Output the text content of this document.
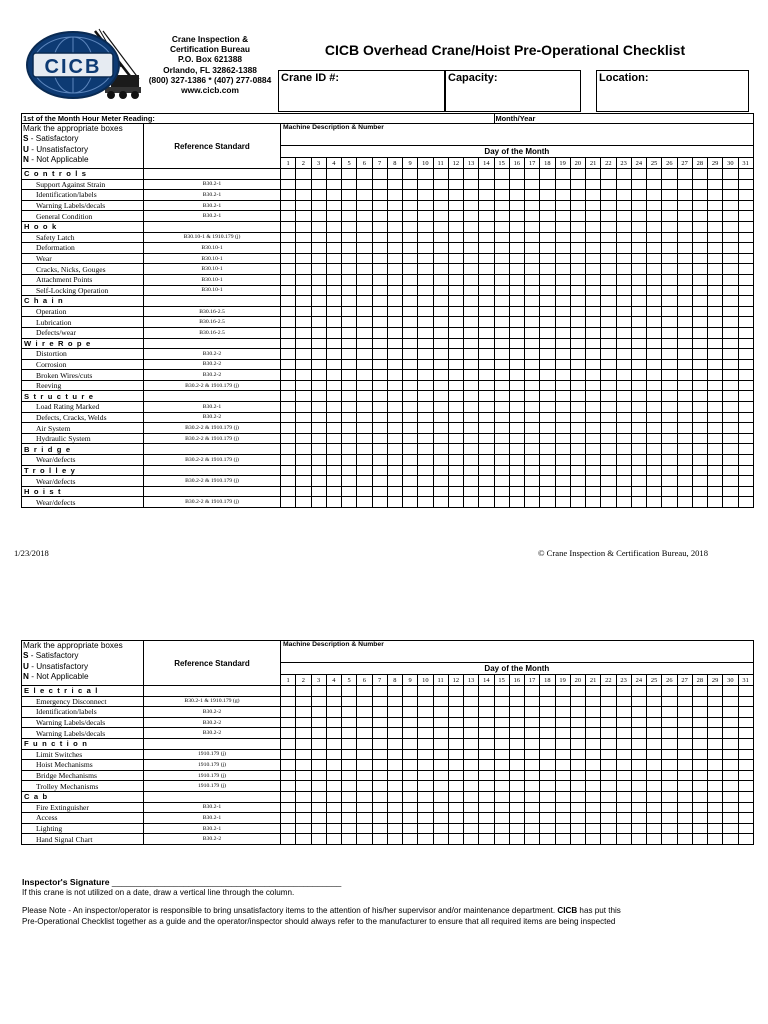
CICB
Crane Inspection &
Certification Bureau
P.O. Box 621388
Orlando, FL 32862-1388
(800) 327-1386 * (407) 277-0884
www.cicb.com
CICB Overhead Crane/Hoist Pre-Operational Checklist
Crane ID #:	Capacity:	Location:
1st of the Month Hour Meter Reading:																Month/Year																

Mark the appropriate boxes
S - Satisfactory
U - Unsatisfactory
N - Not Applicable	Reference Standard	Machine Description & Number																														
		Day of the Month																														
		1	2	3	4	5	6	7	8	9	10	11	12	13	14	15	16	17	18	19	20	21	22	23	24	25	26	27	28	29	30	31
Controls																																
Support Against Strain	B30.2-1																															
Identification/labels	B30.2-1																															
Warning Labels/decals	B30.2-1																															
General Condition	B30.2-1																															
Hook																																
Safety Latch	B30.10-1 & 1910.179 (j)																															
Deformation	B30.10-1																															
Wear	B30.10-1																															
Cracks, Nicks, Gouges	B30.10-1																															
Attachment Points	B30.10-1																															
Self-Locking Operation	B30.10-1																															
Chain																																
Operation	B30.16-2.5																															
Lubrication	B30.16-2.5																															
Defects/wear	B30.16-2.5																															
WireRope																																
Distortion	B30.2-2																															
Corrosion	B30.2-2																															
Broken Wires/cuts	B30.2-2																															
Reeving	B30.2-2 & 1910.179 (j)																															
Structure																																
Load Rating Marked	B30.2-1																															
Defects, Cracks, Welds	B30.2-2																															
Air System	B30.2-2 & 1910.179 (j)																															
Hydraulic System	B30.2-2 & 1910.179 (j)																															
Bridge																																
Wear/defects	B30.2-2 & 1910.179 (j)																															
Trolley																																
Wear/defects	B30.2-2 & 1910.179 (j)																															
Hoist																																
Wear/defects	B30.2-2 & 1910.179 (j)																															
1/23/2018	© Crane Inspection & Certification Bureau, 2018
Mark the appropriate boxes
S - Satisfactory
U - Unsatisfactory
N - Not Applicable	Reference Standard	Machine Description & Number																														
		Day of the Month																														
		1	2	3	4	5	6	7	8	9	10	11	12	13	14	15	16	17	18	19	20	21	22	23	24	25	26	27	28	29	30	31
Electrical																																
Emergency Disconnect	B30.2-1 & 1910.179 (g)																															
Identification/labels	B30.2-2																															
Warning Labels/decals	B30.2-2																															
Warning Labels/decals	B30.2-2																															
Function																																
Limit Switches	1910.179 (j)																															
Hoist Mechanisms	1910.179 (j)																															
Bridge Mechanisms	1910.179 (j)																															
Trolley Mechanisms	1910.179 (j)																															
Cab																																
Fire Extinguisher	B30.2-1																															
Access	B30.2-1																															
Lighting	B30.2-1																															
Hand Signal Chart	B30.2-2																															
Inspector's Signature ________________________________________________
If this crane is not utilized on a date, draw a vertical line through the column.
Please Note - An inspector/operator is responsible to bring unsatisfactory items to the attention of his/her supervisor and/or maintenance department. CICB has put this
Pre-Operational Checklist together as a guide and the operator/inspector should always refer to the manufacturer to ensure that all required items are being inspected
